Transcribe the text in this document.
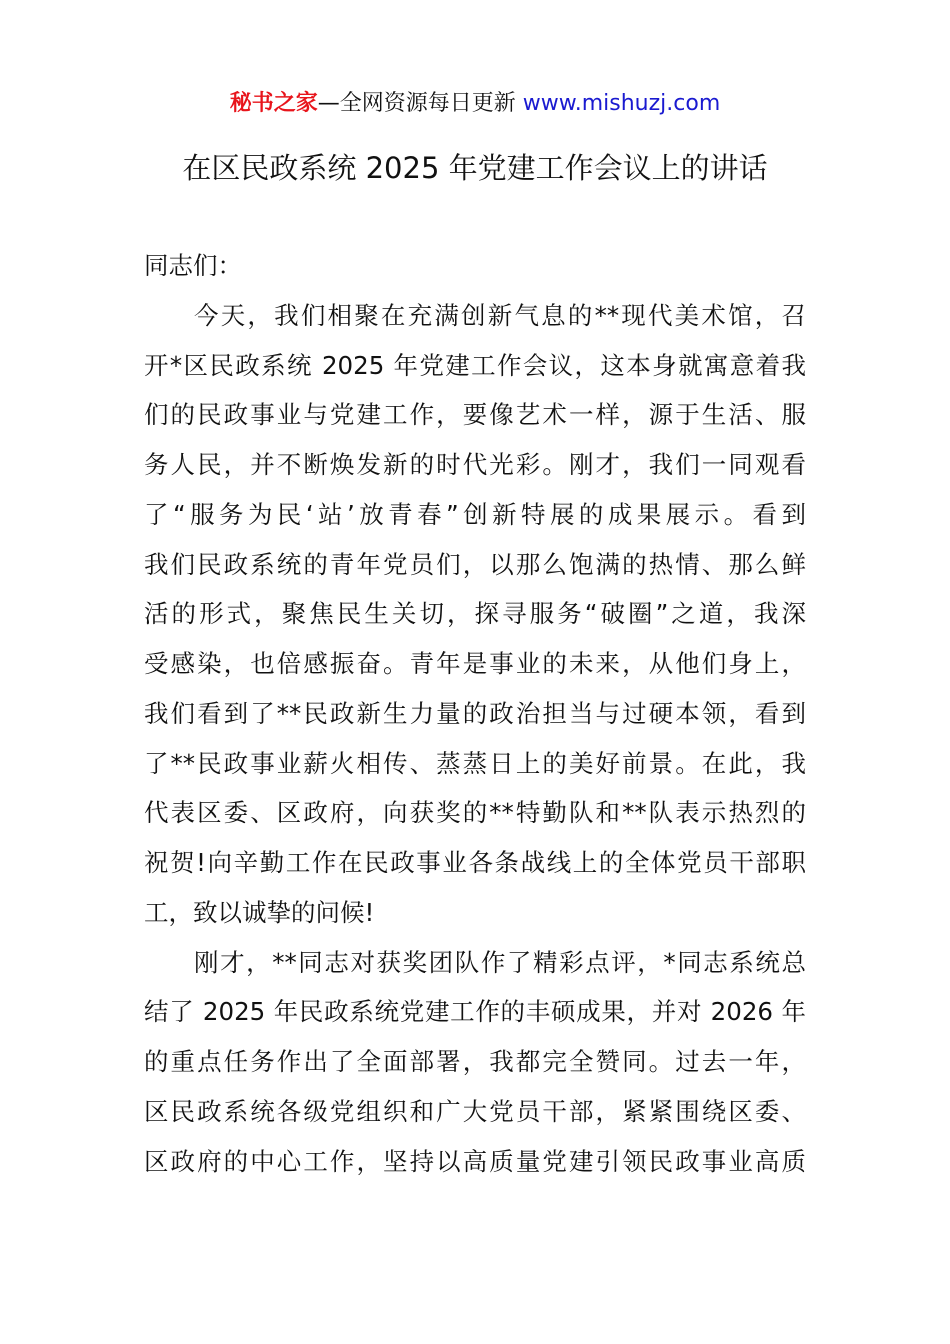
秘书之家—全网资源每日更新 www.mishuzj.com
在区民政系统 2025 年党建工作会议上的讲话
同志们：
今天，我们相聚在充满创新气息的**现代美术馆，召
开*区民政系统 2025 年党建工作会议，这本身就寓意着我
们的民政事业与党建工作，要像艺术一样，源于生活、服
务人民，并不断焕发新的时代光彩。刚才，我们一同观看
了“服务为民‘站’放青春”创新特展的成果展示。看到
我们民政系统的青年党员们，以那么饱满的热情、那么鲜
活的形式，聚焦民生关切，探寻服务“破圈”之道，我深
受感染，也倍感振奋。青年是事业的未来，从他们身上，
我们看到了**民政新生力量的政治担当与过硬本领，看到
了**民政事业薪火相传、蒸蒸日上的美好前景。在此，我
代表区委、区政府，向获奖的**特勤队和**队表示热烈的
祝贺!向辛勤工作在民政事业各条战线上的全体党员干部职
工，致以诚挚的问候!
刚才，**同志对获奖团队作了精彩点评，*同志系统总
结了 2025 年民政系统党建工作的丰硕成果，并对 2026 年
的重点任务作出了全面部署，我都完全赞同。过去一年，
区民政系统各级党组织和广大党员干部，紧紧围绕区委、
区政府的中心工作，坚持以高质量党建引领民政事业高质
